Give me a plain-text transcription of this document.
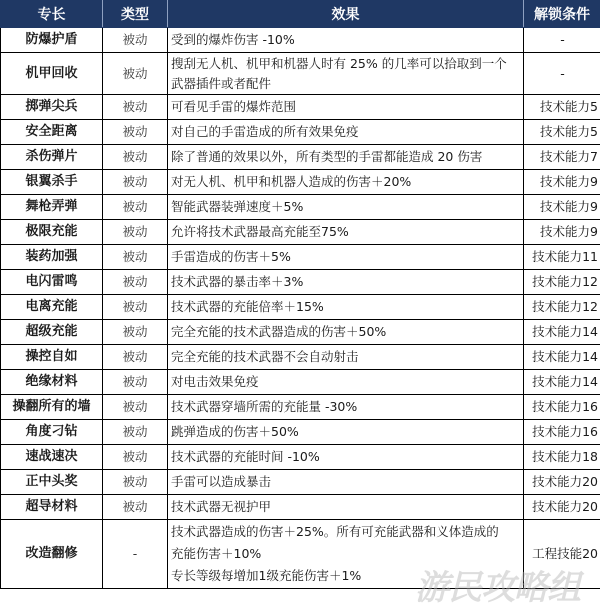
专长	类型	效果	解锁条件
防爆护盾	被动	受到的爆炸伤害 -10%	-
机甲回收	被动	搜刮无人机、机甲和机器人时有 25% 的几率可以拾取到一个
武器插件或者配件	-
掷弹尖兵	被动	可看见手雷的爆炸范围	技术能力5
安全距离	被动	对自己的手雷造成的所有效果免疫	技术能力5
杀伤弹片	被动	除了普通的效果以外，所有类型的手雷都能造成 20 伤害	技术能力7
银翼杀手	被动	对无人机、机甲和机器人造成的伤害＋20%	技术能力9
舞枪弄弹	被动	智能武器装弹速度＋5%	技术能力9
极限充能	被动	允许将技术武器最高充能至75%	技术能力9
装药加强	被动	手雷造成的伤害＋5%	技术能力11
电闪雷鸣	被动	技术武器的暴击率＋3%	技术能力12
电离充能	被动	技术武器的充能倍率＋15%	技术能力12
超级充能	被动	完全充能的技术武器造成的伤害＋50%	技术能力14
操控自如	被动	完全充能的技术武器不会自动射击	技术能力14
绝缘材料	被动	对电击效果免疫	技术能力14
操翻所有的墙	被动	技术武器穿墙所需的充能量 -30%	技术能力16
角度刁钻	被动	跳弹造成的伤害＋50%	技术能力16
速战速决	被动	技术武器的充能时间 -10%	技术能力18
正中头奖	被动	手雷可以造成暴击	技术能力20
超导材料	被动	技术武器无视护甲	技术能力20
改造翻修	-	技术武器造成的伤害＋25%。所有可充能武器和义体造成的
充能伤害＋10%
专长等级每增加1级充能伤害＋1%	工程技能20
游民攻略组
